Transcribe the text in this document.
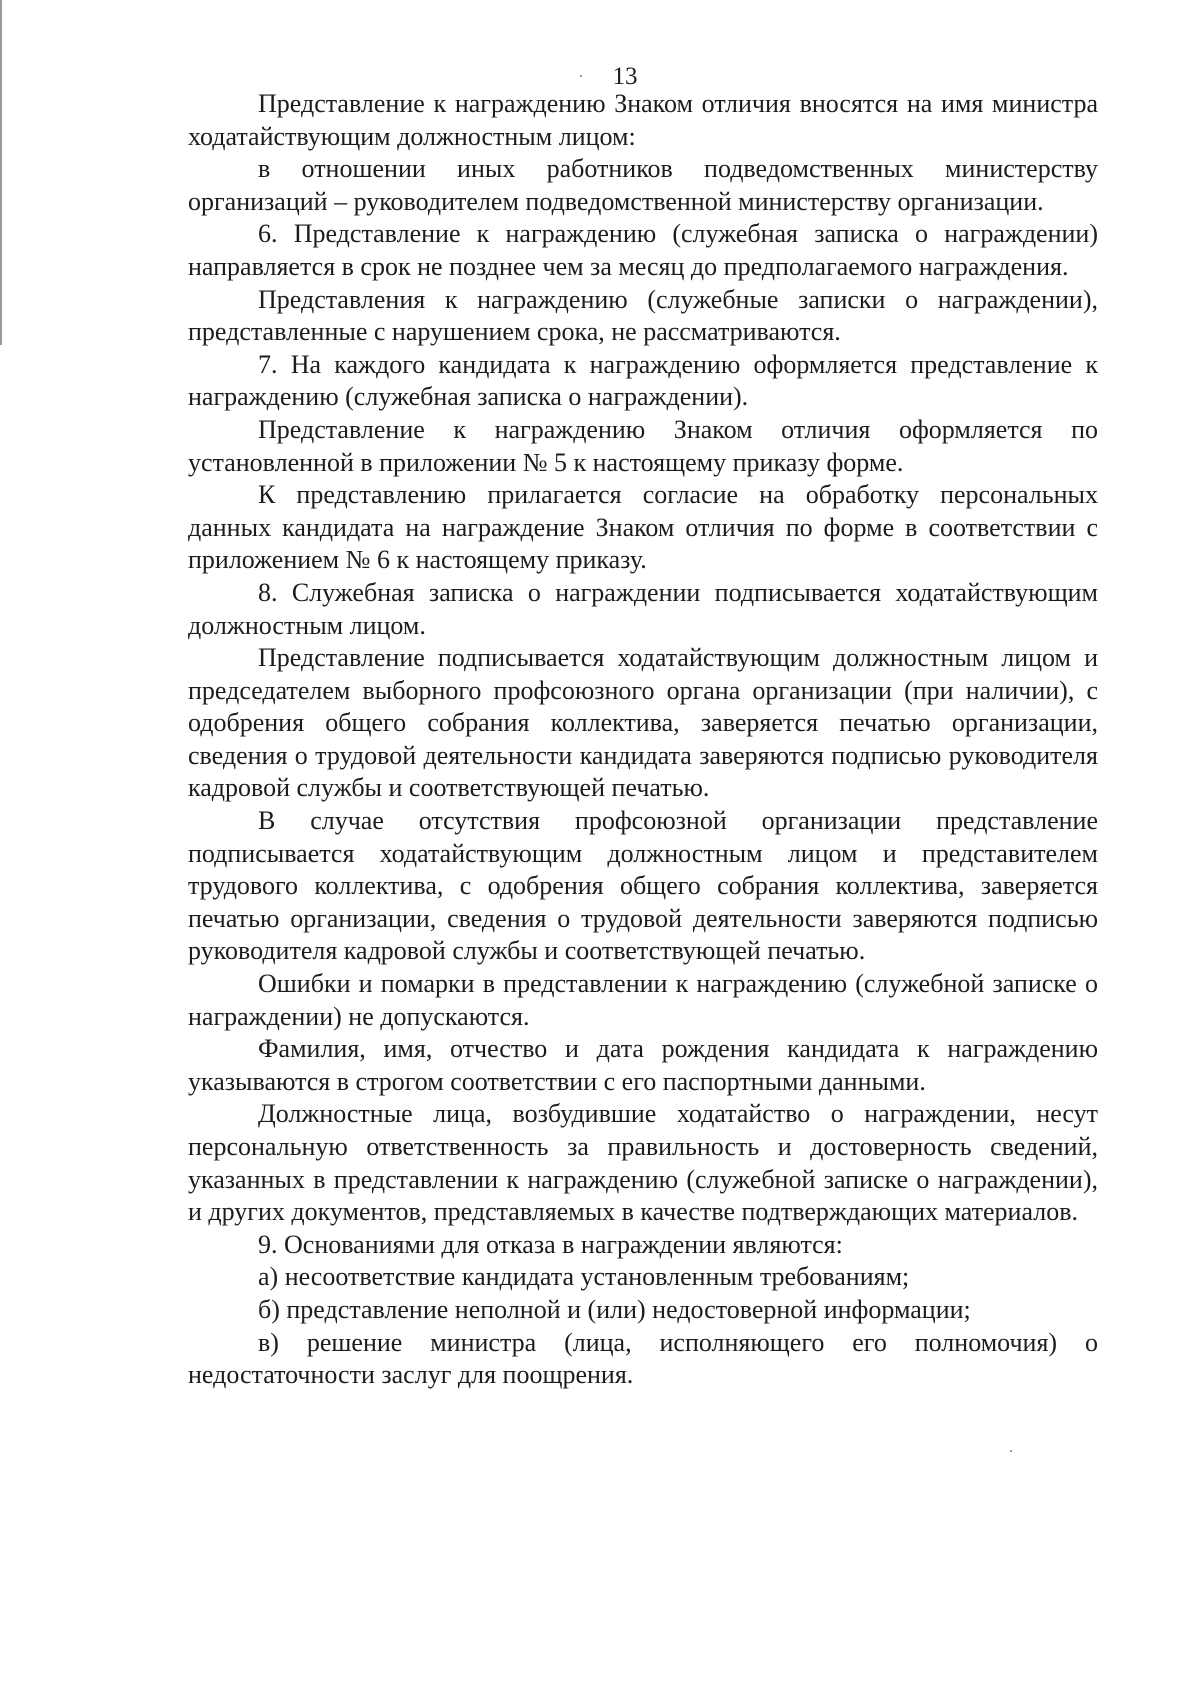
13

Представление к награждению Знаком отличия вносятся на имя министра ходатайствующим должностным лицом:

в отношении иных работников подведомственных министерству организаций – руководителем подведомственной министерству организации.

6. Представление к награждению (служебная записка о награждении) направляется в срок не позднее чем за месяц до предполагаемого награждения.

Представления к награждению (служебные записки о награждении), представленные с нарушением срока, не рассматриваются.

7. На каждого кандидата к награждению оформляется представление к награждению (служебная записка о награждении).

Представление к награждению Знаком отличия оформляется по установленной в приложении № 5 к настоящему приказу форме.

К представлению прилагается согласие на обработку персональных данных кандидата на награждение Знаком отличия по форме в соответствии с приложением № 6 к настоящему приказу.

8. Служебная записка о награждении подписывается ходатайствующим должностным лицом.

Представление подписывается ходатайствующим должностным лицом и председателем выборного профсоюзного органа организации (при наличии), с одобрения общего собрания коллектива, заверяется печатью организации, сведения о трудовой деятельности кандидата заверяются подписью руководителя кадровой службы и соответствующей печатью.

В случае отсутствия профсоюзной организации представление подписывается ходатайствующим должностным лицом и представителем трудового коллектива, с одобрения общего собрания коллектива, заверяется печатью организации, сведения о трудовой деятельности заверяются подписью руководителя кадровой службы и соответствующей печатью.

Ошибки и помарки в представлении к награждению (служебной записке о награждении) не допускаются.

Фамилия, имя, отчество и дата рождения кандидата к награждению указываются в строгом соответствии с его паспортными данными.

Должностные лица, возбудившие ходатайство о награждении, несут персональную ответственность за правильность и достоверность сведений, указанных в представлении к награждению (служебной записке о награждении), и других документов, представляемых в качестве подтверждающих материалов.

9. Основаниями для отказа в награждении являются:

а) несоответствие кандидата установленным требованиям;

б) представление неполной и (или) недостоверной информации;

в) решение министра (лица, исполняющего его полномочия) о недостаточности заслуг для поощрения.
